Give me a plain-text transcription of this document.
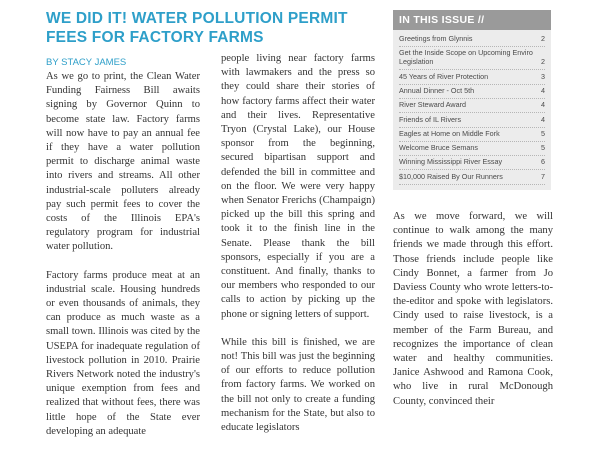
WE DID IT! WATER POLLUTION PERMIT FEES FOR FACTORY FARMS
BY STACY JAMES

As we go to print, the Clean Water Funding Fairness Bill awaits signing by Governor Quinn to become state law. Factory farms will now have to pay an annual fee if they have a water pollution permit to discharge animal waste into rivers and streams. All other industrial-scale polluters already pay such permit fees to cover the costs of the Illinois EPA's regulatory program for industrial water pollution.

Factory farms produce meat at an industrial scale. Housing hundreds or even thousands of animals, they can produce as much waste as a small town. Illinois was cited by the USEPA for inadequate regulation of livestock pollution in 2010. Prairie Rivers Network noted the industry's unique exemption from fees and realized that without fees, there was little hope of the State ever developing an adequate

people living near factory farms with lawmakers and the press so they could share their stories of how factory farms affect their water and their lives. Representative Tryon (Crystal Lake), our House sponsor from the beginning, secured bipartisan support and defended the bill in committee and on the floor. We were very happy when Senator Frerichs (Champaign) picked up the bill this spring and took it to the finish line in the Senate. Please thank the bill sponsors, especially if you are a constituent. And finally, thanks to our members who responded to our calls to action by picking up the phone or signing letters of support.

While this bill is finished, we are not! This bill was just the beginning of our efforts to reduce pollution from factory farms. We worked on the bill not only to create a funding mechanism for the State, but also to educate legislators

IN THIS ISSUE //
Greetings from Glynnis	2
Get the Inside Scope on Upcoming Enviro Legislation	2
45 Years of River Protection	3
Annual Dinner - Oct 5th	4
River Steward Award	4
Friends of IL Rivers	4
Eagles at Home on Middle Fork	5
Welcome Bruce Semans	5
Winning Mississippi River Essay	6
$10,000 Raised By Our Runners	7

As we move forward, we will continue to walk among the many friends we made through this effort. Those friends include people like Cindy Bonnet, a farmer from Jo Daviess County who wrote letters-to-the-editor and spoke with legislators. Cindy used to raise livestock, is a member of the Farm Bureau, and recognizes the importance of clean water and healthy communities. Janice Ashwood and Ramona Cook, who live in rural McDonough County, convinced their
